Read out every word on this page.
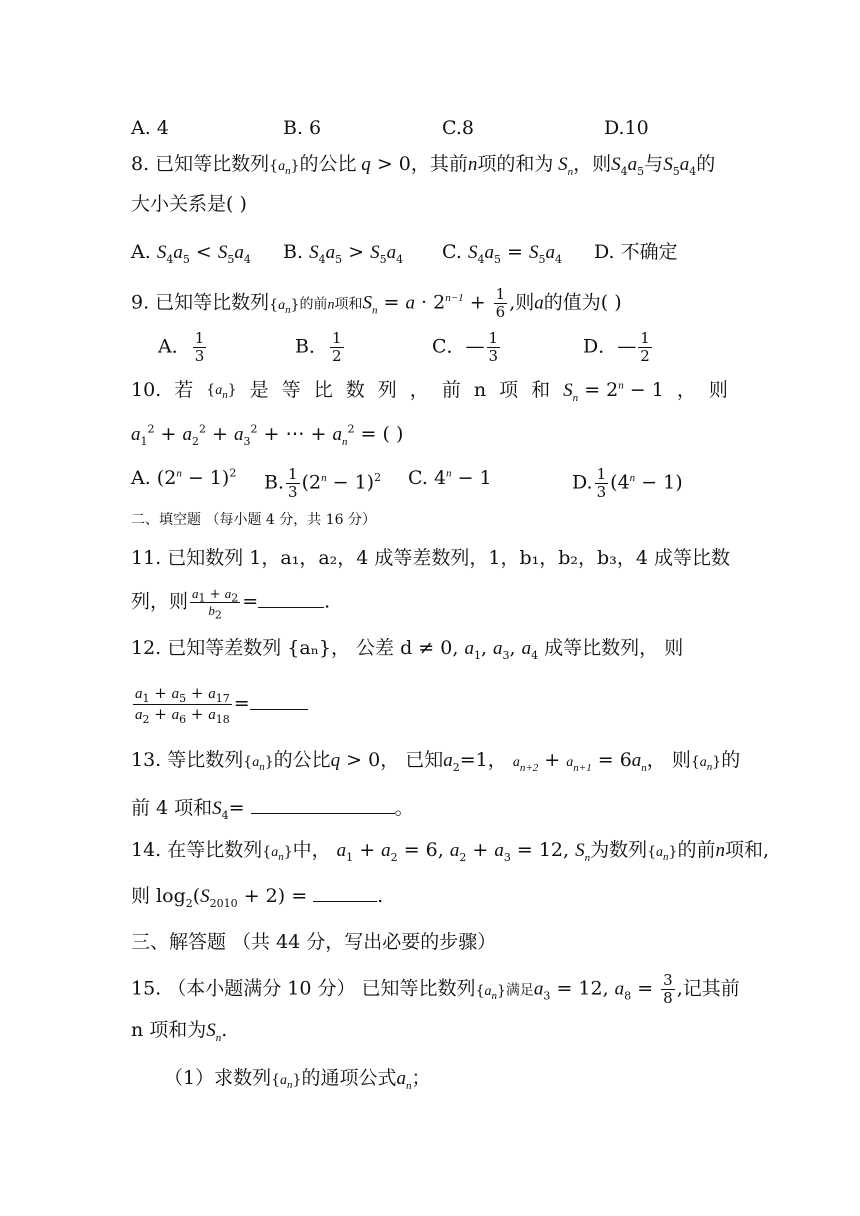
A. 4	B. 6	C.8	D.10
8. 已知等比数列$\{a_n\}$的公比 q > 0，其前n项的和为 $S_n$，则$S_4a_5$与$S_5a_4$的
大小关系是( )
A. $S_4a_5 < S_5a_4$ B. $S_4a_5 > S_5a_4$ C. $S_4a_5 = S_5a_4$ D. 不确定
9. 已知等比数列$\{a_n\}$的前n项和$S_n = a \cdot 2^{n-1} + \frac{1}{6}$ ,则a的值为( )
A． $\frac{1}{3}$	B． $\frac{1}{2}$	C．— $\frac{1}{3}$	D．— $\frac{1}{2}$
10. 若 $\{a_n\}$ 是 等 比 数 列 ， 前 n 项 和 $S_n = 2^n - 1$ ， 则
$a_1^2 + a_2^2 + a_3^2$ + ⋯ + $a_n^2$ = ( )
A. $(2^n - 1)^2$ B. $\frac{1}{3} (2^n - 1)^2$ C. $4^n - 1$	D. $\frac{1}{3} (4^n - 1)$
二、填空题 （每小题 4 分，共 16 分）
11. 已知数列 1，a₁，a₂，4 成等差数列，1，b₁，b₂，b₃，4 成等比数
列，则 $\frac{a_1 + a_2}{b_2}$ =	.
12. 已知等差数列 {aₙ}， 公差 d ≠ 0, $a_1$, $a_3$, $a_4$ 成等比数列， 则
$\frac{a_1 + a_5 + a_{17}}{a_2 + a_6 + a_{18}}$ =
13. 等比数列$\{a_n\}$的公比q > 0， 已知$a_2=1$， $a_{n+2} + a_{n+1} = 6a_n$， 则$\{a_n\}$的
前 4 项和$S_4=$	。
14. 在等比数列$\{a_n\}$中， $a_1 + a_2 = 6$, $a_2 + a_3 = 12$, $S_n$为数列$\{a_n\}$的前n项和,
则 $\log_2(S_{2010} + 2)$ =	.
三、解答题 （共 44 分，写出必要的步骤）
15. （本小题满分 10 分） 已知等比数列$\{a_n\}$满足$a_3 = 12$, $a_8 = \frac{3}{8}$ ,记其前
n 项和为$S_n$.
（1）求数列$\{a_n\}$的通项公式$a_n$；
